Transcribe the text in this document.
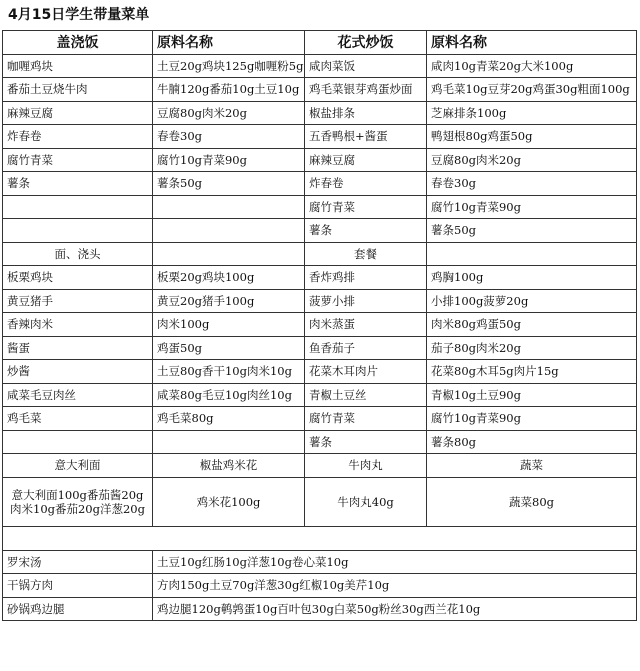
4月15日学生带量菜单
盖浇饭	原料名称	花式炒饭	原料名称
咖喱鸡块	土豆20g鸡块125g咖喱粉5g	咸肉菜饭	咸肉10g青菜20g大米100g
番茄土豆烧牛肉	牛腩120g番茄10g土豆10g	鸡毛菜银芽鸡蛋炒面	鸡毛菜10g豆芽20g鸡蛋30g粗面100g
麻辣豆腐	豆腐80g肉米20g	椒盐排条	芝麻排条100g
炸春卷	春卷30g	五香鸭根+酱蛋	鸭翅根80g鸡蛋50g
腐竹青菜	腐竹10g青菜90g	麻辣豆腐	豆腐80g肉米20g
薯条	薯条50g	炸春卷	春卷30g
		腐竹青菜	腐竹10g青菜90g
		薯条	薯条50g
面、浇头		套餐	
板栗鸡块	板栗20g鸡块100g	香炸鸡排	鸡胸100g
黄豆猪手	黄豆20g猪手100g	菠萝小排	小排100g菠萝20g
香辣肉米	肉米100g	肉米蒸蛋	肉米80g鸡蛋50g
酱蛋	鸡蛋50g	鱼香茄子	茄子80g肉米20g
炒酱	土豆80g香干10g肉米10g	花菜木耳肉片	花菜80g木耳5g肉片15g
咸菜毛豆肉丝	咸菜80g毛豆10g肉丝10g	青椒土豆丝	青椒10g土豆90g
鸡毛菜	鸡毛菜80g	腐竹青菜	腐竹10g青菜90g
		薯条	薯条80g
意大利面	椒盐鸡米花	牛肉丸	蔬菜

意大利面100g番茄酱20g
肉米10g番茄20g洋葱20g	鸡米花100g	牛肉丸40g	蔬菜80g

罗宋汤	土豆10g红肠10g洋葱10g卷心菜10g		
干锅方肉	方肉150g土豆70g洋葱30g红椒10g美芹10g		
砂锅鸡边腿	鸡边腿120g鹌鹑蛋10g百叶包30g白菜50g粉丝30g西兰花10g		
